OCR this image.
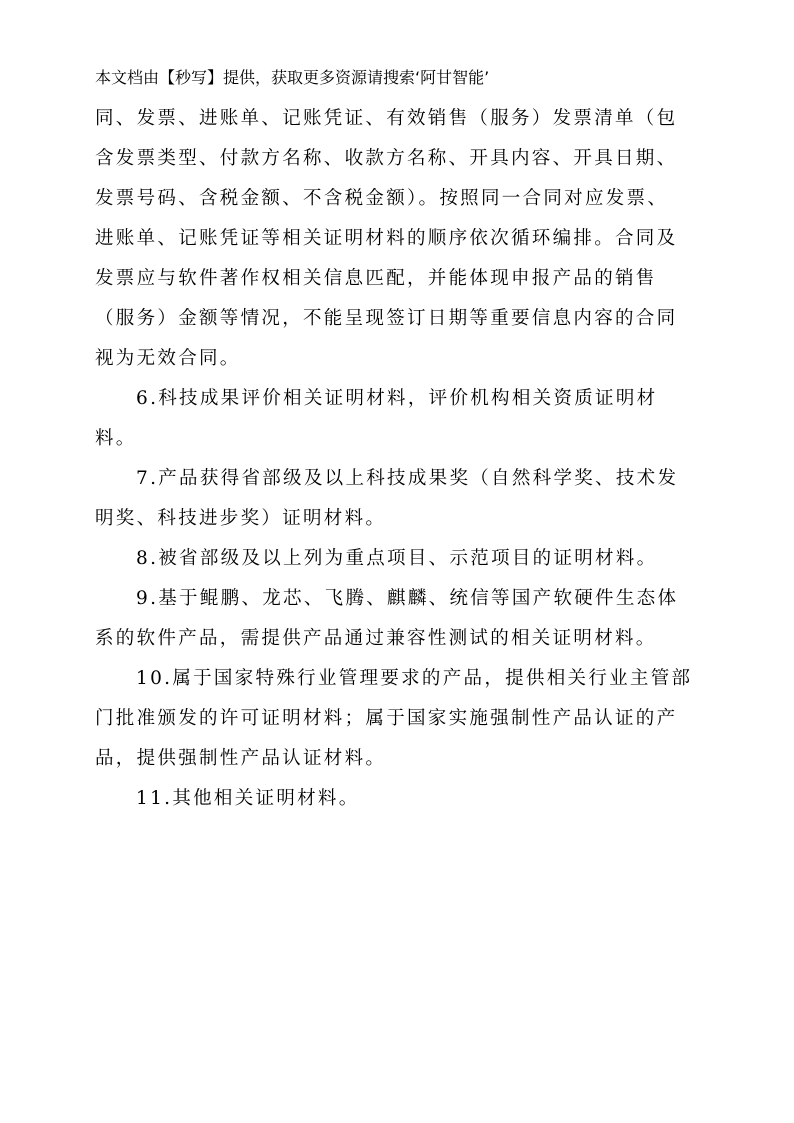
本文档由【秒写】提供，获取更多资源请搜索‘阿甘智能’
同、发票、进账单、记账凭证、有效销售（服务）发票清单（包
含发票类型、付款方名称、收款方名称、开具内容、开具日期、
发票号码、含税金额、不含税金额）。按照同一合同对应发票、
进账单、记账凭证等相关证明材料的顺序依次循环编排。合同及
发票应与软件著作权相关信息匹配，并能体现申报产品的销售
（服务）金额等情况，不能呈现签订日期等重要信息内容的合同
视为无效合同。
6.科技成果评价相关证明材料，评价机构相关资质证明材
料。
7.产品获得省部级及以上科技成果奖（自然科学奖、技术发
明奖、科技进步奖）证明材料。
8.被省部级及以上列为重点项目、示范项目的证明材料。
9.基于鲲鹏、龙芯、飞腾、麒麟、统信等国产软硬件生态体
系的软件产品，需提供产品通过兼容性测试的相关证明材料。
10.属于国家特殊行业管理要求的产品，提供相关行业主管部
门批准颁发的许可证明材料；属于国家实施强制性产品认证的产
品，提供强制性产品认证材料。
11.其他相关证明材料。
